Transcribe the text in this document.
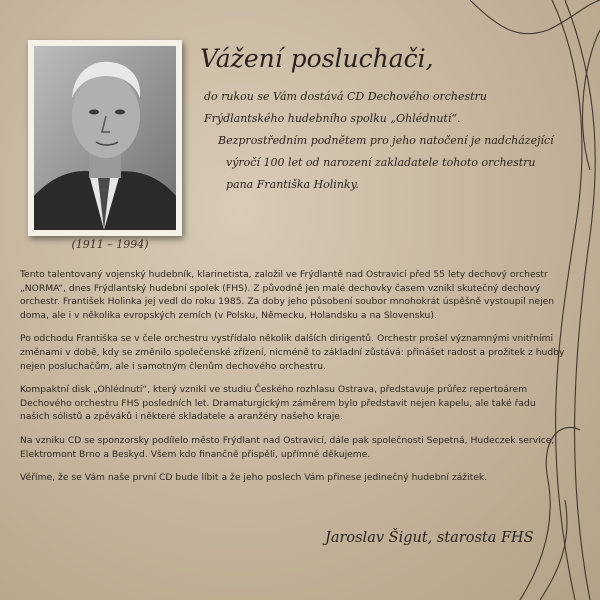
(1911 – 1994)
Vážení posluchači,
do rukou se Vám dostává CD Dechového orchestru
Frýdlantského hudebního spolku „Ohlédnutí“.
Bezprostředním podnětem pro jeho natočení je nadcházející
výročí 100 let od narození zakladatele tohoto orchestru
pana Františka Holinky.

Tento talentovaný vojenský hudebník, klarinetista, založil ve Frýdlantě nad Ostravicí před 55 lety dechový orchestr „NORMA“, dnes Frýdlantský hudební spolek (FHS). Z původně jen malé dechovky časem vznikl skutečný dechový orchestr. František Holinka jej vedl do roku 1985. Za doby jeho působení soubor mnohokrát úspěšně vystoupil nejen doma, ale i v několika evropských zemích (v Polsku, Německu, Holandsku a na Slovensku).

Po odchodu Františka se v čele orchestru vystřídalo několik dalších dirigentů. Orchestr prošel významnými vnitřními změnami v době, kdy se změnilo společenské zřízení, nicméně to základní zůstává: přinášet radost a prožitek z hudby nejen posluchačům, ale i samotným členům dechového orchestru.

Kompaktní disk „Ohlédnutí“, který vznikl ve studiu Českého rozhlasu Ostrava, představuje průřez repertoárem Dechového orchestru FHS posledních let. Dramaturgickým záměrem bylo představit nejen kapelu, ale také řadu našich sólistů a zpěváků i některé skladatele a aranžéry našeho kraje.

Na vzniku CD se sponzorsky podílelo město Frýdlant nad Ostravicí, dále pak společnosti Sepetná, Hudeczek service, Elektromont Brno a Beskyd. Všem kdo finančně přispěli, upřímné děkujeme.

Věříme, že se Vám naše první CD bude líbit a že jeho poslech Vám přinese jedinečný hudební zážitek.

Jaroslav Šigut, starosta FHS
